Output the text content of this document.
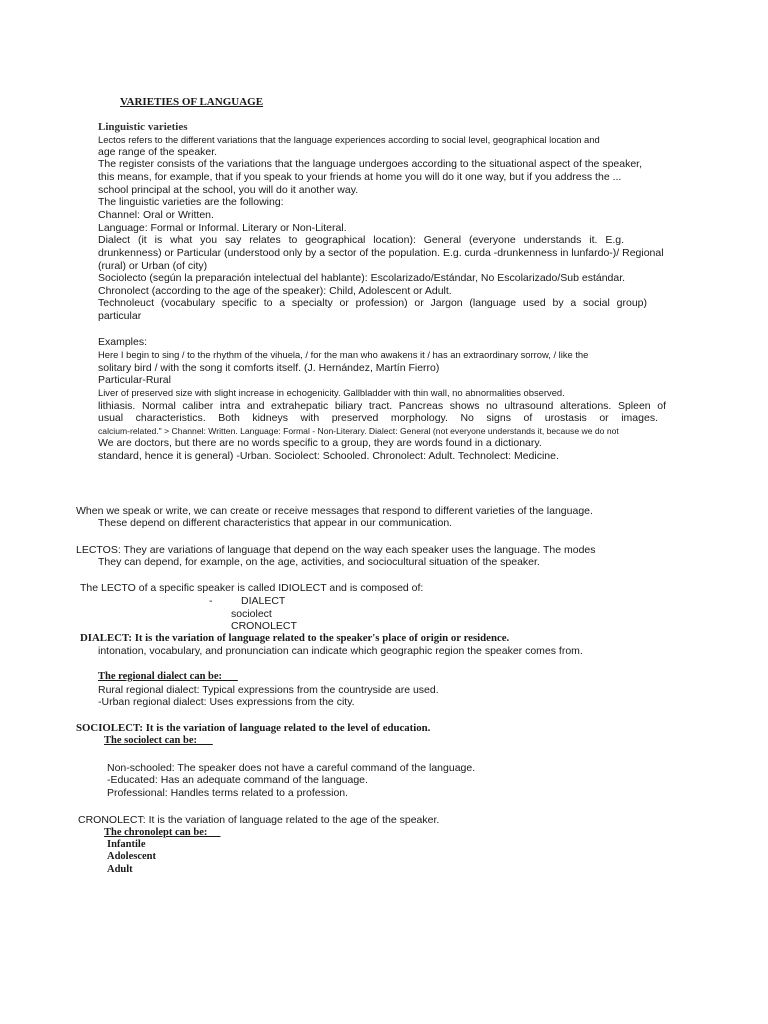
VARIETIES OF LANGUAGE
Linguistic varieties
Lectos refers to the different variations that the language experiences according to social level, geographical location and
age range of the speaker.
The register consists of the variations that the language undergoes according to the situational aspect of the speaker,
this means, for example, that if you speak to your friends at home you will do it one way, but if you address the ...
school principal at the school, you will do it another way.
The linguistic varieties are the following:
Channel: Oral or Written.
Language: Formal or Informal. Literary or Non-Literal.
Dialect (it is what you say relates to geographical location): General (everyone understands it. E.g.
drunkenness) or Particular (understood only by a sector of the population. E.g. curda -drunkenness in lunfardo-)/ Regional
(rural) or Urban (of city)
Sociolecto (según la preparación intelectual del hablante): Escolarizado/Estándar, No Escolarizado/Sub estándar.
Chronolect (according to the age of the speaker): Child, Adolescent or Adult.
Technoleuct (vocabulary specific to a specialty or profession) or Jargon (language used by a social group)
particular
Examples:
Here I begin to sing / to the rhythm of the vihuela, / for the man who awakens it / has an extraordinary sorrow, / like the
solitary bird / with the song it comforts itself. (J. Hernández, Martín Fierro)
Particular-Rural
Liver of preserved size with slight increase in echogenicity. Gallbladder with thin wall, no abnormalities observed.
lithiasis. Normal caliber intra and extrahepatic biliary tract. Pancreas shows no ultrasound alterations. Spleen of
usual characteristics. Both kidneys with preserved morphology. No signs of urostasis or images.
calcium-related." > Channel: Written. Language: Formal - Non-Literary. Dialect: General (not everyone understands it, because we do not
We are doctors, but there are no words specific to a group, they are words found in a dictionary.
standard, hence it is general) -Urban. Sociolect: Schooled. Chronolect: Adult. Technolect: Medicine.
When we speak or write, we can create or receive messages that respond to different varieties of the language.
These depend on different characteristics that appear in our communication.
LECTOS: They are variations of language that depend on the way each speaker uses the language. The modes
They can depend, for example, on the age, activities, and sociocultural situation of the speaker.
The LECTO of a specific speaker is called IDIOLECT and is composed of:
-	DIALECT
sociolect
CRONOLECT
DIALECT: It is the variation of language related to the speaker's place of origin or residence.
intonation, vocabulary, and pronunciation can indicate which geographic region the speaker comes from.
The regional dialect can be:
Rural regional dialect: Typical expressions from the countryside are used.
-Urban regional dialect: Uses expressions from the city.
SOCIOLECT: It is the variation of language related to the level of education.
The sociolect can be:
Non-schooled: The speaker does not have a careful command of the language.
-Educated: Has an adequate command of the language.
Professional: Handles terms related to a profession.
CRONOLECT: It is the variation of language related to the age of the speaker.
The chronolept can be:
Infantile
Adolescent
Adult
